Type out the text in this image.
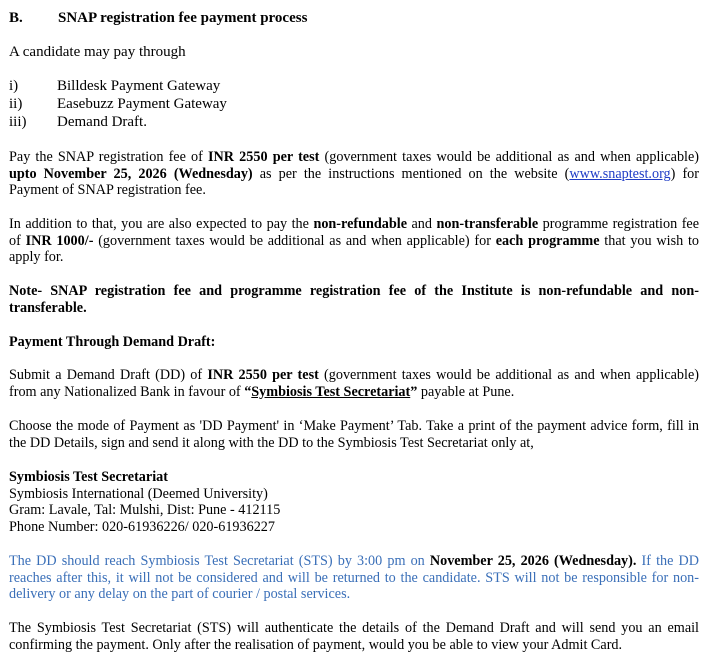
B. SNAP registration fee payment process
A candidate may pay through
i)	Billdesk Payment Gateway
ii) Easebuzz Payment Gateway
iii) Demand Draft.
Pay the SNAP registration fee of INR 2550 per test (government taxes would be additional as and when applicable) upto November 25, 2026 (Wednesday) as per the instructions mentioned on the website (www.snaptest.org) for Payment of SNAP registration fee.
In addition to that, you are also expected to pay the non-refundable and non-transferable programme registration fee of INR 1000/- (government taxes would be additional as and when applicable) for each programme that you wish to apply for.
Note- SNAP registration fee and programme registration fee of the Institute is non-refundable and non-transferable.
Payment Through Demand Draft:
Submit a Demand Draft (DD) of INR 2550 per test (government taxes would be additional as and when applicable) from any Nationalized Bank in favour of “Symbiosis Test Secretariat” payable at Pune.
Choose the mode of Payment as 'DD Payment' in ‘Make Payment’ Tab. Take a print of the payment advice form, fill in the DD Details, sign and send it along with the DD to the Symbiosis Test Secretariat only at,
Symbiosis Test Secretariat
Symbiosis International (Deemed University)
Gram: Lavale, Tal: Mulshi, Dist: Pune - 412115
Phone Number: 020-61936226/ 020-61936227
The DD should reach Symbiosis Test Secretariat (STS) by 3:00 pm on November 25, 2026 (Wednesday). If the DD reaches after this, it will not be considered and will be returned to the candidate. STS will not be responsible for non-delivery or any delay on the part of courier / postal services.
The Symbiosis Test Secretariat (STS) will authenticate the details of the Demand Draft and will send you an email confirming the payment. Only after the realisation of payment, would you be able to view your Admit Card.
